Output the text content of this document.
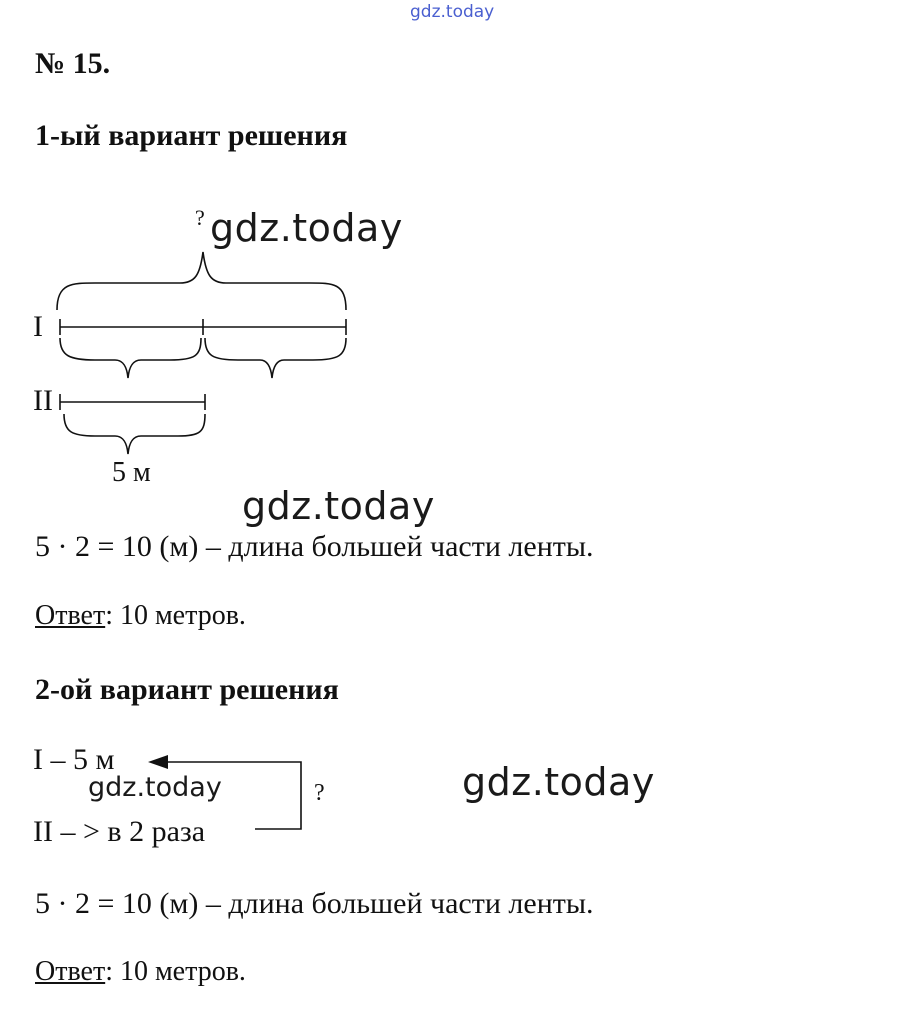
gdz.today
№ 15.
1-ый вариант решения
? gdz.today
I
II
5 м
gdz.today
5 · 2 = 10 (м) – длина большей части ленты.
Ответ: 10 метров.
2-ой вариант решения
I – 5 м
gdz.today
II – > в 2 раза
?	gdz.today
5 · 2 = 10 (м) – длина большей части ленты.
Ответ: 10 метров.
